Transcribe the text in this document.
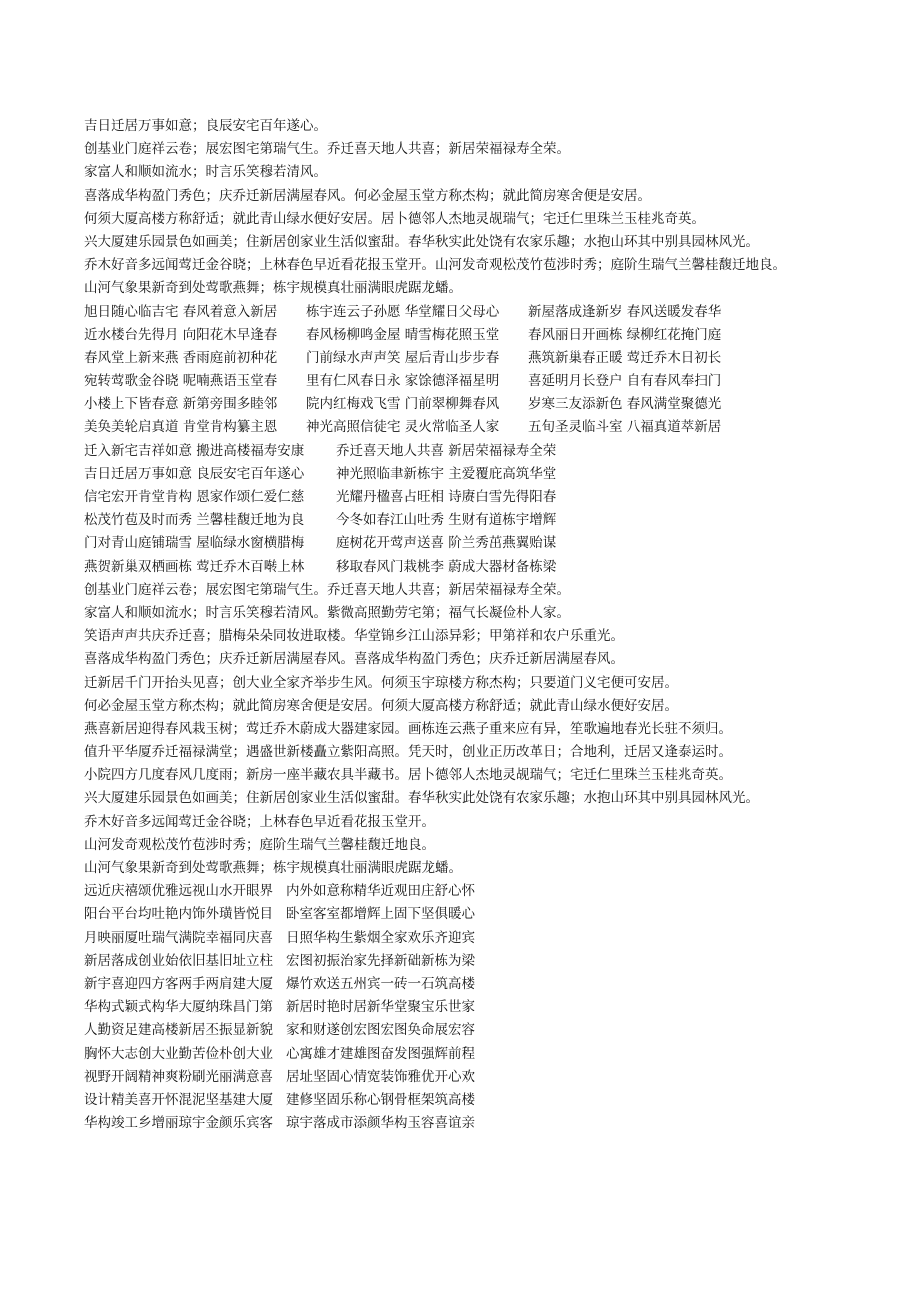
吉日迁居万事如意；良辰安宅百年遂心。
创基业门庭祥云卷；展宏图宅第瑞气生。乔迁喜天地人共喜；新居荣福禄寿全荣。
家富人和顺如流水；时言乐笑穆若清风。
喜落成华构盈门秀色；庆乔迁新居满屋春风。何必金屋玉堂方称杰构；就此简房寒舍便是安居。
何须大厦高楼方称舒适；就此青山绿水便好安居。居卜德邻人杰地灵觇瑞气；宅迁仁里珠兰玉桂兆奇英。
兴大厦建乐园景色如画美；住新居创家业生活似蜜甜。春华秋实此处饶有农家乐趣；水抱山环其中别具园林风光。
乔木好音多远闻莺迁金谷晓；上林春色早近看花报玉堂开。山河发奇观松茂竹苞涉时秀；庭阶生瑞气兰馨桂馥迁地良。
山河气象果新奇到处莺歌燕舞；栋宇规模真壮丽满眼虎踞龙蟠。
旭日随心临吉宅 春风着意入新居	栋宇连云子孙愿 华堂耀日父母心	新屋落成逢新岁 春风送暖发春华
近水楼台先得月 向阳花木早逢春	春风杨柳鸣金屋 晴雪梅花照玉堂	春风丽日开画栋 绿柳红花掩门庭
春风堂上新来燕 香雨庭前初种花	门前绿水声声笑 屋后青山步步春	燕筑新巢春正暖 莺迁乔木日初长
宛转莺歌金谷晓 呢喃燕语玉堂春	里有仁风春日永 家馀德泽福星明	喜延明月长登户 自有春风奉扫门
小楼上下皆春意 新第旁围多睦邻	院内红梅戏飞雪 门前翠柳舞春风	岁寒三友添新色 春风满堂聚德光
美奂美轮启真道 肯堂肯构纂主恩	神光高照信徒宅 灵火常临圣人家	五旬圣灵临斗室 八福真道萃新居
迁入新宅吉祥如意 搬进高楼福寿安康	乔迁喜天地人共喜 新居荣福禄寿全荣
吉日迁居万事如意 良辰安宅百年遂心	神光照临聿新栋宇 主爱覆庇高筑华堂
信宅宏开肯堂肯构 恩家作颂仁爱仁慈	光耀丹楹喜占旺相 诗赓白雪先得阳春
松茂竹苞及时而秀 兰馨桂馥迁地为良	今冬如春江山吐秀 生财有道栋宇增辉
门对青山庭铺瑞雪 屋临绿水窗横腊梅	庭树花开莺声送喜 阶兰秀茁燕翼贻谋
燕贺新巢双栖画栋 莺迁乔木百啭上林	移取春风门栽桃李 蔚成大器材备栋梁
创基业门庭祥云卷；展宏图宅第瑞气生。乔迁喜天地人共喜；新居荣福禄寿全荣。
家富人和顺如流水；时言乐笑穆若清风。紫微高照勤劳宅第；福气长凝俭朴人家。
笑语声声共庆乔迁喜；腊梅朵朵同妆进取楼。华堂锦乡江山添异彩；甲第祥和农户乐重光。
喜落成华构盈门秀色；庆乔迁新居满屋春风。喜落成华构盈门秀色；庆乔迁新居满屋春风。
迁新居千门开抬头见喜；创大业全家齐举步生风。何须玉宇琼楼方称杰构；只要道门义宅便可安居。
何必金屋玉堂方称杰构；就此简房寒舍便是安居。何须大厦高楼方称舒适；就此青山绿水便好安居。
燕喜新居迎得春风栽玉树；莺迁乔木蔚成大器建家园。画栋连云燕子重来应有异，笙歌遍地春光长驻不须归。
值升平华厦乔迁福禄满堂；遇盛世新楼矗立紫阳高照。凭天时，创业正历改革日；合地利，迁居又逢泰运时。
小院四方几度春风几度雨；新房一座半藏农具半藏书。居卜德邻人杰地灵觇瑞气；宅迁仁里珠兰玉桂兆奇英。
兴大厦建乐园景色如画美；住新居创家业生活似蜜甜。春华秋实此处饶有农家乐趣；水抱山环其中别具园林风光。
乔木好音多远闻莺迁金谷晓；上林春色早近看花报玉堂开。
山河发奇观松茂竹苞涉时秀；庭阶生瑞气兰馨桂馥迁地良。
山河气象果新奇到处莺歌燕舞；栋宇规模真壮丽满眼虎踞龙蟠。
远近庆禧颂优雅远视山水开眼界 内外如意称精华近观田庄舒心怀
阳台平台均吐艳内饰外璜皆悦目 卧室客室都增辉上固下坚俱暖心
月映丽厦吐瑞气满院幸福同庆喜 日照华构生紫烟全家欢乐齐迎宾
新居落成创业始依旧基旧址立柱 宏图初振治家先择新础新栋为梁
新宇喜迎四方客两手两肩建大厦 爆竹欢送五州宾一砖一石筑高楼
华构式颖式构华大厦纳珠昌门第 新居时艳时居新华堂聚宝乐世家
人勤资足建高楼新居丕振显新貌 家和财遂创宏图宏图奂命展宏容
胸怀大志创大业勤苦俭朴创大业 心寓雄才建雄图奋发图强辉前程
视野开阔精神爽粉刷光丽满意喜 居址坚固心情宽装饰雅优开心欢
设计精美喜开怀混泥坚基建大厦 建修坚固乐称心钢骨框架筑高楼
华构竣工乡增丽琼宇金颜乐宾客 琼宇落成市添颜华构玉容喜谊亲
